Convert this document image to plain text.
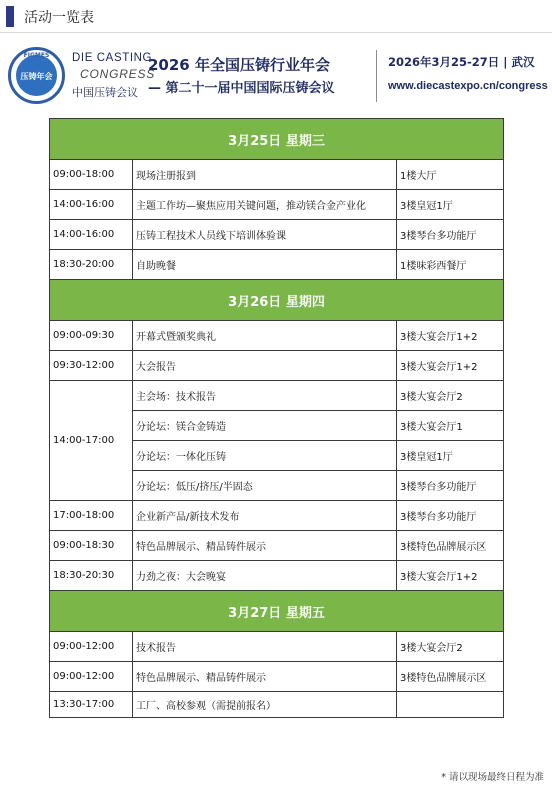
活动一览表
FIGMES
压铸年会
DIE CASTING
CONGRESS
中国压铸会议
2026 年全国压铸行业年会
— 第二十一届中国国际压铸会议
2026年3月25-27日 | 武汉
www.diecastexpo.cn/congress
3月25日 星期三		
09:00-18:00	现场注册报到	1楼大厅
14:00-16:00	主题工作坊—聚焦应用关键问题，推动镁合金产业化	3楼皇冠1厅
14:00-16:00	压铸工程技术人员线下培训体验课	3楼琴台多功能厅
18:30-20:00	自助晚餐	1楼味彩西餐厅
3月26日 星期四		
09:00-09:30	开幕式暨颁奖典礼	3楼大宴会厅1+2
09:30-12:00	大会报告	3楼大宴会厅1+2
14:00-17:00	主会场：技术报告	3楼大宴会厅2
	分论坛：镁合金铸造	3楼大宴会厅1
	分论坛：一体化压铸	3楼皇冠1厅
	分论坛：低压/挤压/半固态	3楼琴台多功能厅
17:00-18:00	企业新产品/新技术发布	3楼琴台多功能厅
09:00-18:30	特色品牌展示、精品铸件展示	3楼特色品牌展示区
18:30-20:30	力劲之夜：大会晚宴	3楼大宴会厅1+2
3月27日 星期五		
09:00-12:00	技术报告	3楼大宴会厅2
09:00-12:00	特色品牌展示、精品铸件展示	3楼特色品牌展示区
13:30-17:00	工厂、高校参观（需提前报名）	
* 请以现场最终日程为准
